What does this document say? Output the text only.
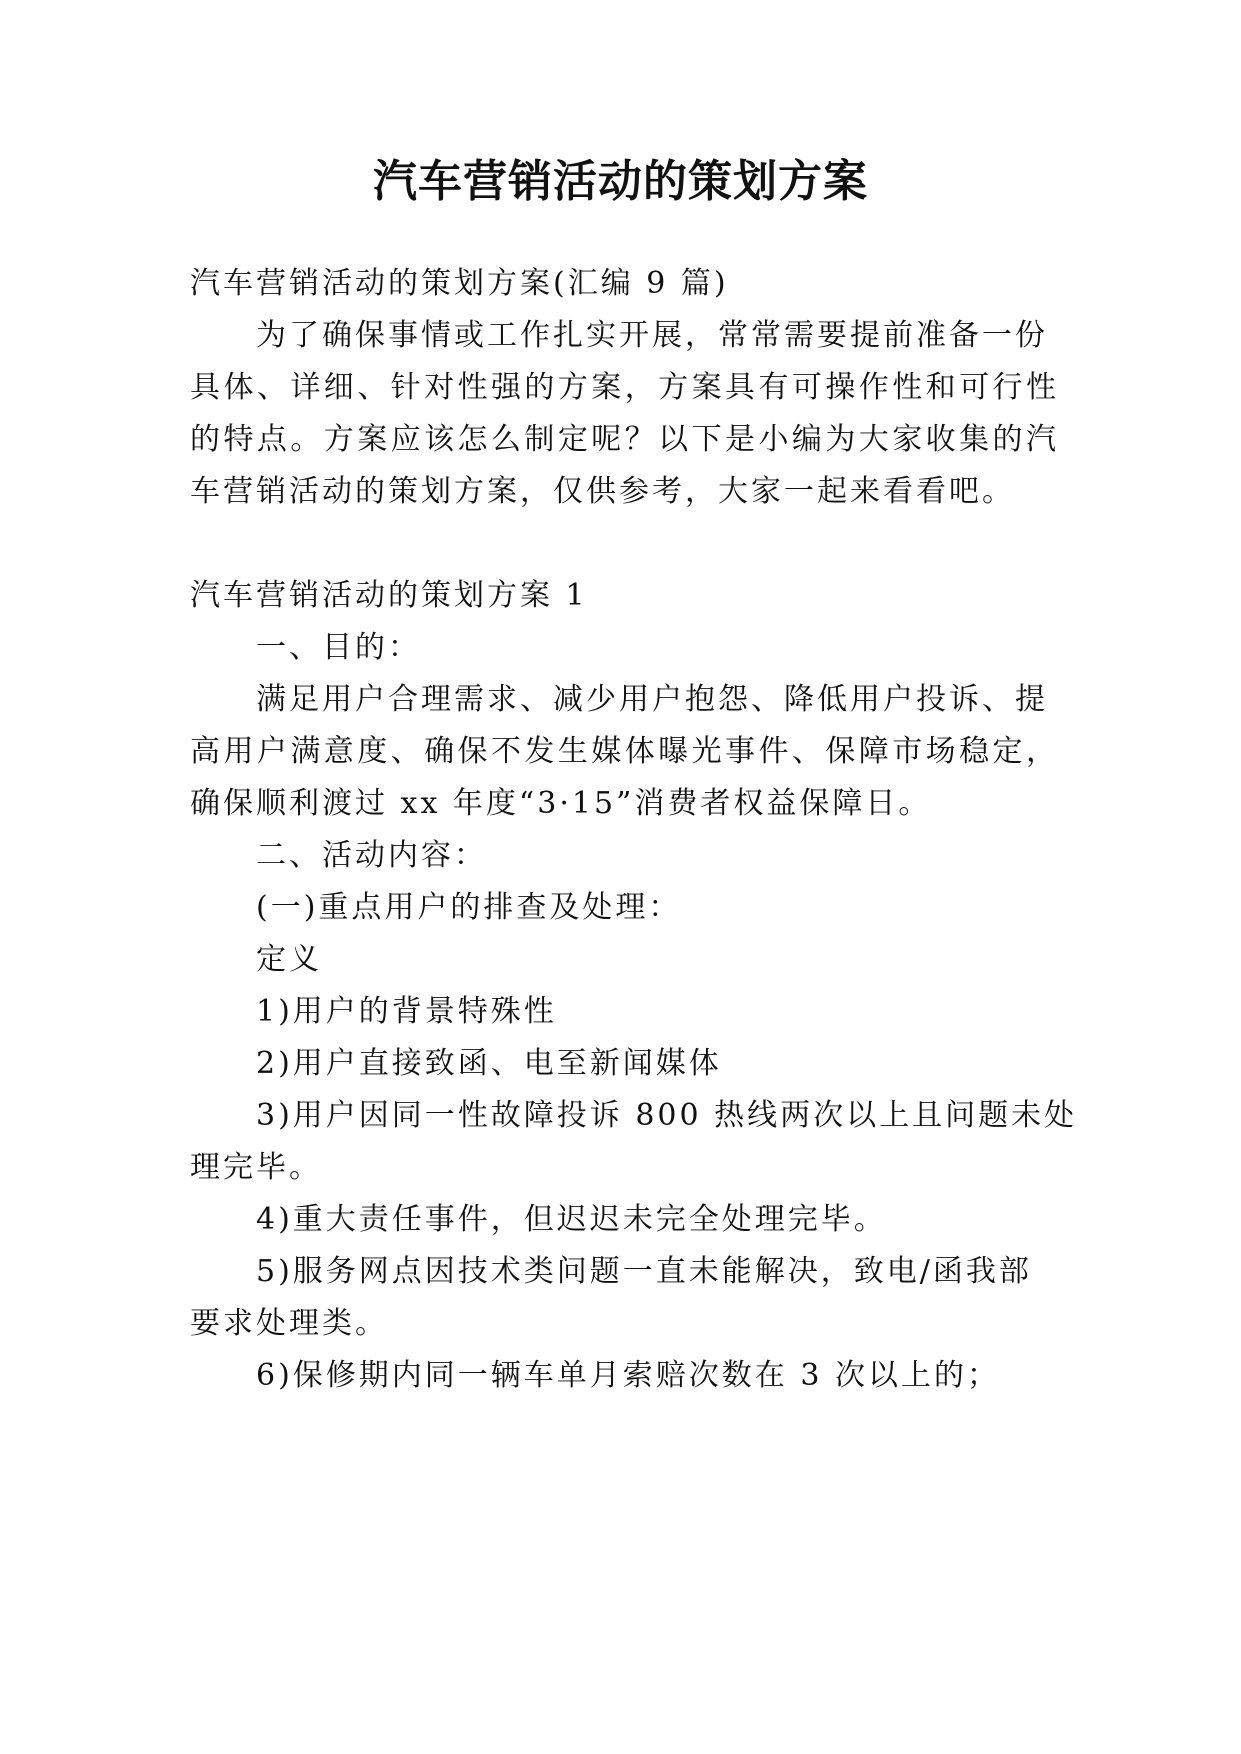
汽车营销活动的策划方案

汽车营销活动的策划方案(汇编 9 篇)

为了确保事情或工作扎实开展，常常需要提前准备一份

具体、详细、针对性强的方案，方案具有可操作性和可行性

的特点。方案应该怎么制定呢？以下是小编为大家收集的汽

车营销活动的策划方案，仅供参考，大家一起来看看吧。

汽车营销活动的策划方案 1

一、目的：

满足用户合理需求、减少用户抱怨、降低用户投诉、提

高用户满意度、确保不发生媒体曝光事件、保障市场稳定，

确保顺利渡过 xx 年度“3·15”消费者权益保障日。

二、活动内容：

(一)重点用户的排查及处理：

定义

1)用户的背景特殊性

2)用户直接致函、电至新闻媒体

3)用户因同一性故障投诉 800 热线两次以上且问题未处

理完毕。

4)重大责任事件，但迟迟未完全处理完毕。

5)服务网点因技术类问题一直未能解决，致电/函我部

要求处理类。

6)保修期内同一辆车单月索赔次数在 3 次以上的；
